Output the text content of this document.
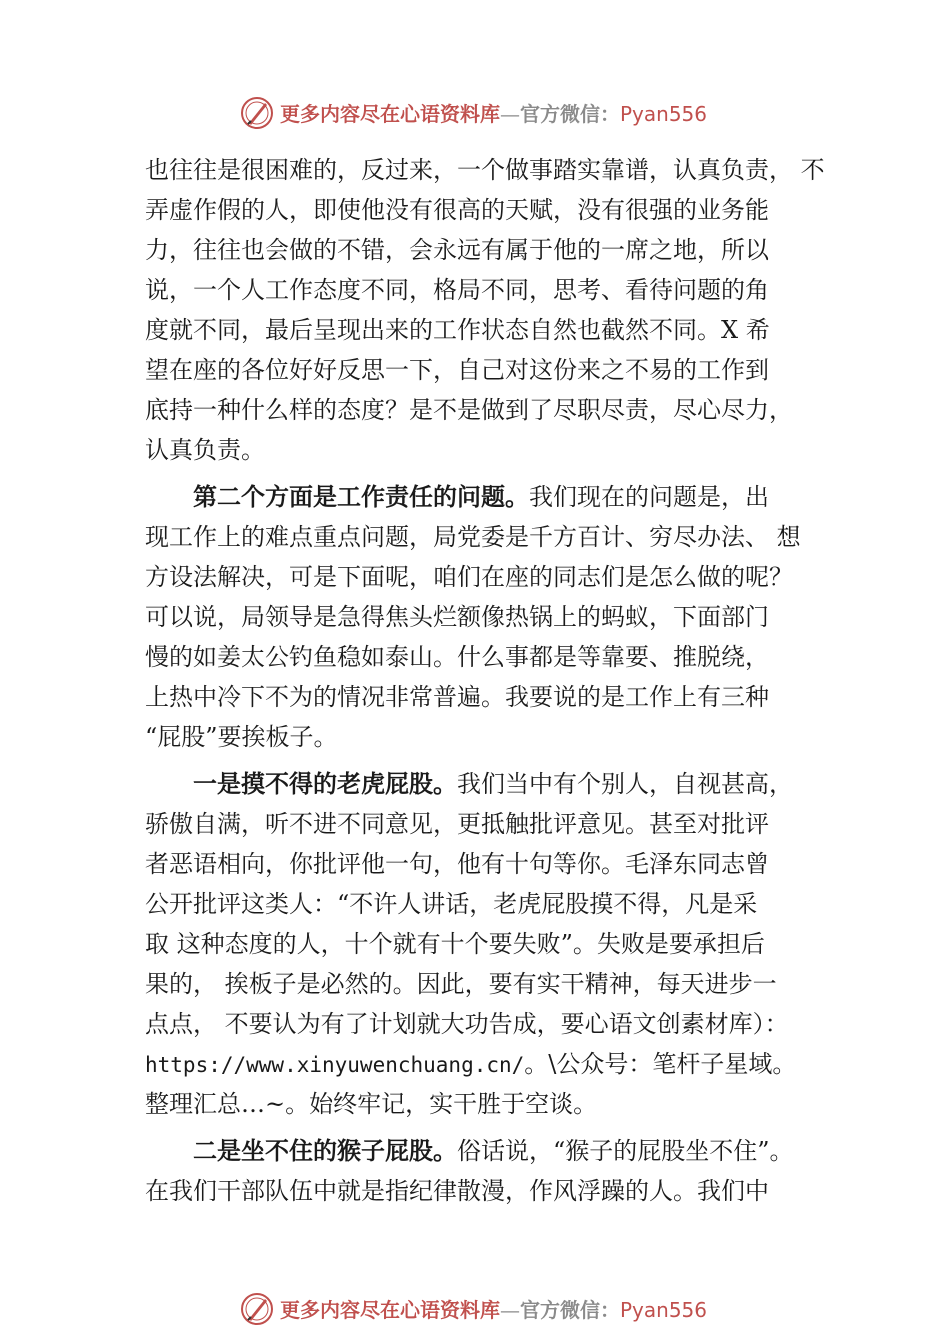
更多内容尽在心语资料库—官方微信：Pyan556
也往往是很困难的，反过来，一个做事踏实靠谱，认真负责， 不
弄虚作假的人，即使他没有很高的天赋，没有很强的业务能
力，往往也会做的不错，会永远有属于他的一席之地，所以
说，一个人工作态度不同，格局不同，思考、看待问题的角
度就不同，最后呈现出来的工作状态自然也截然不同。X 希
望在座的各位好好反思一下，自己对这份来之不易的工作到
底持一种什么样的态度？是不是做到了尽职尽责，尽心尽力，
认真负责。
第二个方面是工作责任的问题。我们现在的问题是，出
现工作上的难点重点问题，局党委是千方百计、穷尽办法、 想
方设法解决，可是下面呢，咱们在座的同志们是怎么做的呢？
可以说，局领导是急得焦头烂额像热锅上的蚂蚁，下面部门
慢的如姜太公钓鱼稳如泰山。什么事都是等靠要、推脱绕，
上热中冷下不为的情况非常普遍。我要说的是工作上有三种
“屁股”要挨板子。
一是摸不得的老虎屁股。我们当中有个别人，自视甚高，
骄傲自满，听不进不同意见，更抵触批评意见。甚至对批评
者恶语相向，你批评他一句，他有十句等你。毛泽东同志曾
公开批评这类人：“不许人讲话，老虎屁股摸不得，凡是采
取 这种态度的人，十个就有十个要失败”。失败是要承担后
果的， 挨板子是必然的。因此，要有实干精神，每天进步一
点点， 不要认为有了计划就大功告成，要心语文创素材库）：
https://www.xinyuwenchuang.cn/。\公众号：笔杆子星域。
整理汇总…~。始终牢记，实干胜于空谈。
二是坐不住的猴子屁股。俗话说，“猴子的屁股坐不住”。
在我们干部队伍中就是指纪律散漫，作风浮躁的人。我们中
更多内容尽在心语资料库—官方微信：Pyan556
